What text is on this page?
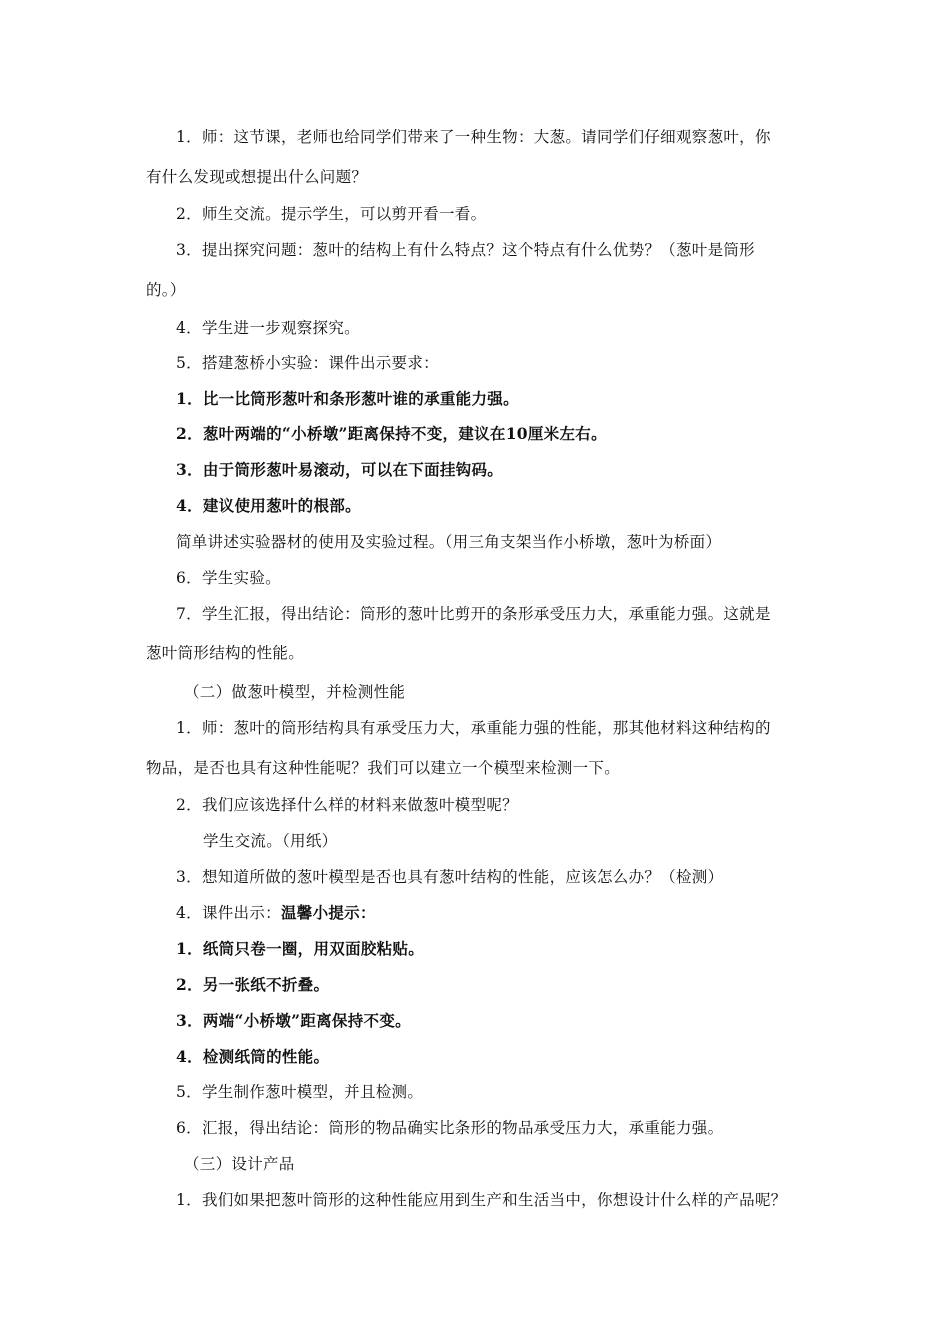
1．师：这节课，老师也给同学们带来了一种生物：大葱。请同学们仔细观察葱叶，你
有什么发现或想提出什么问题？
2．师生交流。提示学生，可以剪开看一看。
3．提出探究问题：葱叶的结构上有什么特点？这个特点有什么优势？（葱叶是筒形
的。）
4．学生进一步观察探究。
5．搭建葱桥小实验：课件出示要求：
1．比一比筒形葱叶和条形葱叶谁的承重能力强。
2．葱叶两端的“小桥墩”距离保持不变，建议在10厘米左右。
3．由于筒形葱叶易滚动，可以在下面挂钩码。
4．建议使用葱叶的根部。
简单讲述实验器材的使用及实验过程。（用三角支架当作小桥墩，葱叶为桥面）
6．学生实验。
7．学生汇报，得出结论：筒形的葱叶比剪开的条形承受压力大，承重能力强。这就是
葱叶筒形结构的性能。
（二）做葱叶模型，并检测性能
1．师：葱叶的筒形结构具有承受压力大，承重能力强的性能，那其他材料这种结构的
物品，是否也具有这种性能呢？我们可以建立一个模型来检测一下。
2．我们应该选择什么样的材料来做葱叶模型呢？
学生交流。（用纸）
3．想知道所做的葱叶模型是否也具有葱叶结构的性能，应该怎么办？（检测）
4．课件出示：温馨小提示：
1．纸筒只卷一圈，用双面胶粘贴。
2．另一张纸不折叠。
3．两端“小桥墩”距离保持不变。
4．检测纸筒的性能。
5．学生制作葱叶模型，并且检测。
6．汇报，得出结论：筒形的物品确实比条形的物品承受压力大，承重能力强。
（三）设计产品
1．我们如果把葱叶筒形的这种性能应用到生产和生活当中，你想设计什么样的产品呢？
